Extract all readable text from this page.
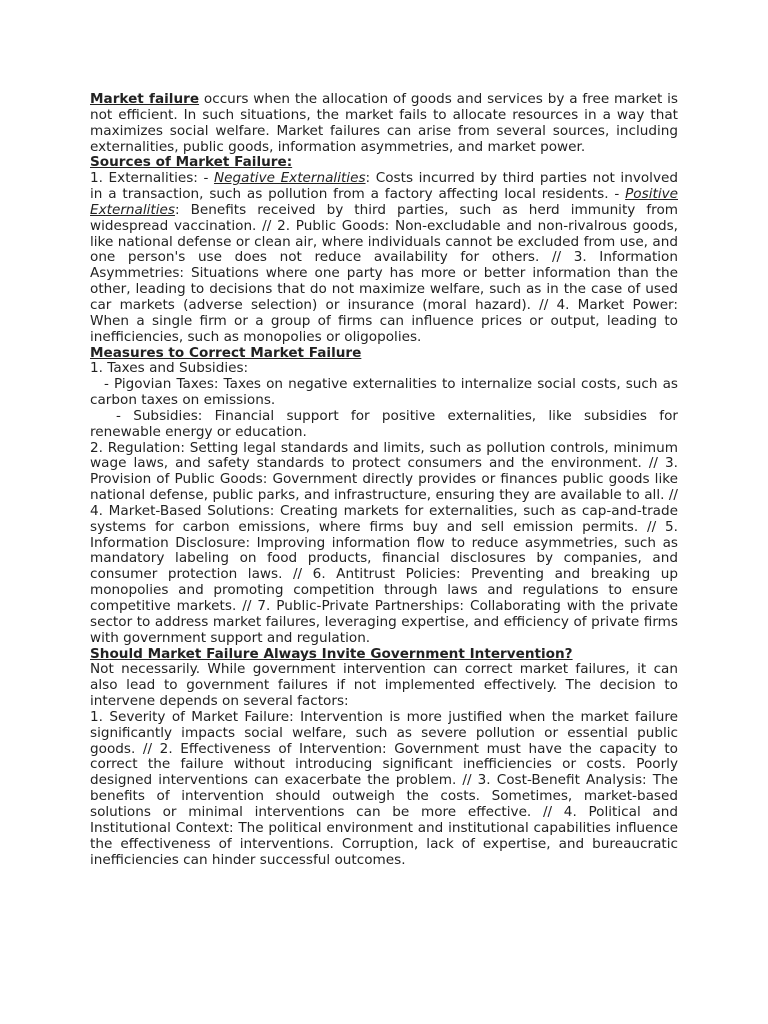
Market failure occurs when the allocation of goods and services by a free market is not efficient. In such situations, the market fails to allocate resources in a way that maximizes social welfare. Market failures can arise from several sources, including externalities, public goods, information asymmetries, and market power.

Sources of Market Failure:

1. Externalities: - Negative Externalities: Costs incurred by third parties not involved in a transaction, such as pollution from a factory affecting local residents. - Positive Externalities: Benefits received by third parties, such as herd immunity from widespread vaccination. // 2. Public Goods: Non-excludable and non-rivalrous goods, like national defense or clean air, where individuals cannot be excluded from use, and one person's use does not reduce availability for others. // 3. Information Asymmetries: Situations where one party has more or better information than the other, leading to decisions that do not maximize welfare, such as in the case of used car markets (adverse selection) or insurance (moral hazard). // 4. Market Power: When a single firm or a group of firms can influence prices or output, leading to inefficiencies, such as monopolies or oligopolies.

Measures to Correct Market Failure

1. Taxes and Subsidies:

- Pigovian Taxes: Taxes on negative externalities to internalize social costs, such as carbon taxes on emissions.

- Subsidies: Financial support for positive externalities, like subsidies for renewable energy or education.

2. Regulation: Setting legal standards and limits, such as pollution controls, minimum wage laws, and safety standards to protect consumers and the environment. // 3. Provision of Public Goods: Government directly provides or finances public goods like national defense, public parks, and infrastructure, ensuring they are available to all. // 4. Market-Based Solutions: Creating markets for externalities, such as cap-and-trade systems for carbon emissions, where firms buy and sell emission permits. // 5. Information Disclosure: Improving information flow to reduce asymmetries, such as mandatory labeling on food products, financial disclosures by companies, and consumer protection laws. // 6. Antitrust Policies: Preventing and breaking up monopolies and promoting competition through laws and regulations to ensure competitive markets. // 7. Public-Private Partnerships: Collaborating with the private sector to address market failures, leveraging expertise, and efficiency of private firms with government support and regulation.

Should Market Failure Always Invite Government Intervention?

Not necessarily. While government intervention can correct market failures, it can also lead to government failures if not implemented effectively. The decision to intervene depends on several factors:

1. Severity of Market Failure: Intervention is more justified when the market failure significantly impacts social welfare, such as severe pollution or essential public goods. // 2. Effectiveness of Intervention: Government must have the capacity to correct the failure without introducing significant inefficiencies or costs. Poorly designed interventions can exacerbate the problem. // 3. Cost-Benefit Analysis: The benefits of intervention should outweigh the costs. Sometimes, market-based solutions or minimal interventions can be more effective. // 4. Political and Institutional Context: The political environment and institutional capabilities influence the effectiveness of interventions. Corruption, lack of expertise, and bureaucratic inefficiencies can hinder successful outcomes.
